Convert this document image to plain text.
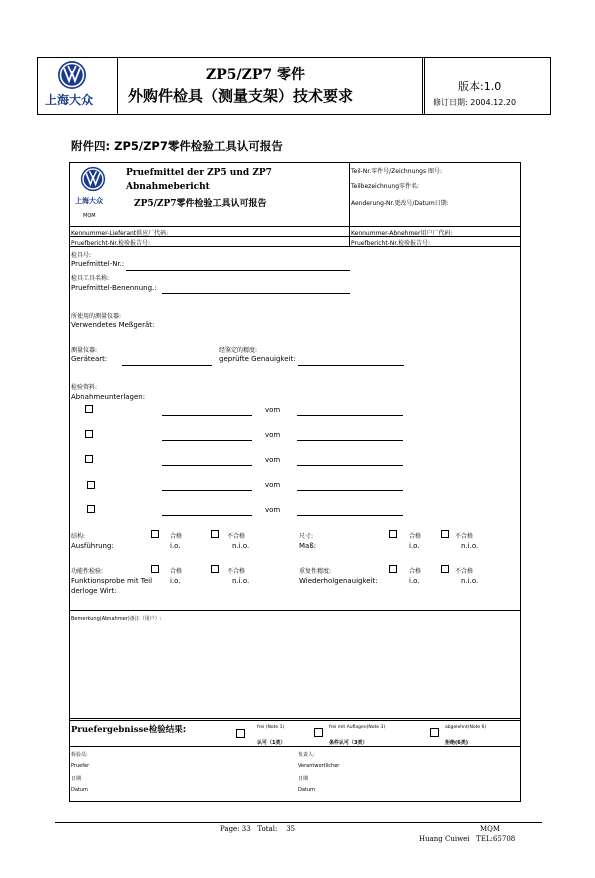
上海大众
ZP5/ZP7 零件
外购件检具（测量支架）技术要求
版本:1.0
修订日期: 2004.12.20
附件四: ZP5/ZP7零件检验工具认可报告
上海大众
MQM
Pruefmittel der ZP5 und ZP7
Abnahmebericht
ZP5/ZP7零件检验工具认可报告
Teil-Nr.零件号/Zeichnungs 图号:
Teilbezeichnung零件名:
Aenderung-Nr.更改号/Datum日期:
Kennummer-Lieferant供应厂代码:	Kennummer-Abnehmer用户厂代码:
Pruefbericht-Nr.检验报告号:	Pruefbericht-Nr.检验报告号:
检具号:
Pruefmittel-Nr.:
检具工具名称:
Pruefmittel-Benennung.:
所使用的测量仪器:
Verwendetes Meßgerät:
测量仪器:
Geräteart:
经鉴定的精度:
geprüfte Genauigkeit:
检验资料:
Abnahmeunterlagen:
vom
vom
vom
vom
vom
结构:
Ausführung:
合格	不合格
i.o.	n.i.o.
尺寸:
Maß:
合格	不合格
i.o.	n.i.o.
功能性检验:
Funktionsprobe mit Teil
derloge Wirt:
合格	不合格
i.o.	n.i.o.
重复性精度:
Wiederholgenauigkeit:
合格	不合格
i.o.	n.i.o.
Bemerkung(Abnahmer)备注（用户）:
Pruefergebnisse检验结果:	frei (Note 1)
认可（1类）
frei mit Auflagen(Note 3)
条件认可（3类）
abgelehnt(Note 6)
拒绝(6类)
检验员:	负责人:
Pruefer	Verantwortlicher
日期	日期
Datum	Datum
Page: 33 Total: 35	MQM
Huang Cuiwei TEL:65708
